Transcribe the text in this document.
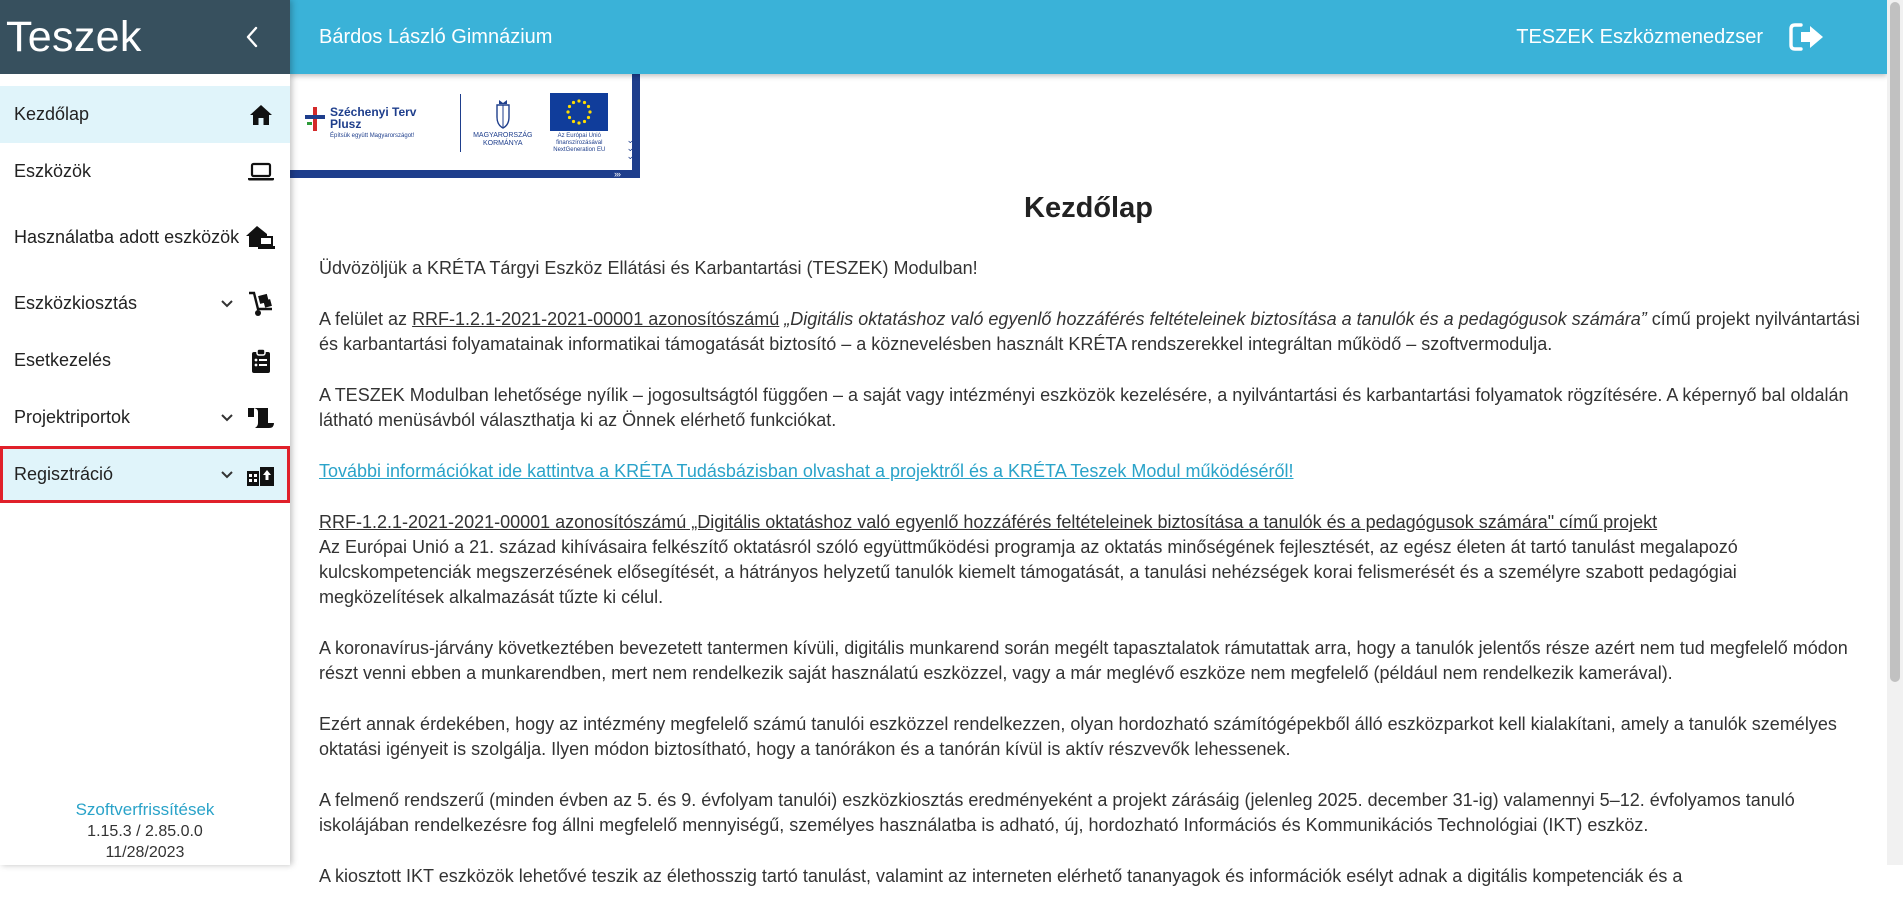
Teszek
Kezdőlap
Eszközök
Használatba adott eszközök
Eszközkiosztás
Esetkezelés
Projektriportok
Regisztráció
Szoftverfrissítések
1.15.3 / 2.85.0.0
11/28/2023
Bárdos László Gimnázium	TESZEK Eszközmenedzser
Széchenyi Terv Plusz
Építsük együtt Magyarországot!	MAGYARORSZÁG KORMÁNYA
Az Európai Unió finanszírozásával NextGeneration EU
⌄
⌄
⌄
›››
Kezdőlap

Üdvözöljük a KRÉTA Tárgyi Eszköz Ellátási és Karbantartási (TESZEK) Modulban!

A felület az RRF-1.2.1-2021-2021-00001 azonosítószámú „Digitális oktatáshoz való egyenlő hozzáférés feltételeinek biztosítása a tanulók és a pedagógusok számára” című projekt nyilvántartási és karbantartási folyamatainak informatikai támogatását biztosító – a köznevelésben használt KRÉTA rendszerekkel integráltan működő – szoftvermodulja.

A TESZEK Modulban lehetősége nyílik – jogosultságtól függően – a saját vagy intézményi eszközök kezelésére, a nyilvántartási és karbantartási folyamatok rögzítésére. A képernyő bal oldalán látható menüsávból választhatja ki az Önnek elérhető funkciókat.

További információkat ide kattintva a KRÉTA Tudásbázisban olvashat a projektről és a KRÉTA Teszek Modul működéséről!

RRF-1.2.1-2021-2021-00001 azonosítószámú „Digitális oktatáshoz való egyenlő hozzáférés feltételeinek biztosítása a tanulók és a pedagógusok számára" című projekt
Az Európai Unió a 21. század kihívásaira felkészítő oktatásról szóló együttműködési programja az oktatás minőségének fejlesztését, az egész életen át tartó tanulást megalapozó kulcskompetenciák megszerzésének elősegítését, a hátrányos helyzetű tanulók kiemelt támogatását, a tanulási nehézségek korai felismerését és a személyre szabott pedagógiai megközelítések alkalmazását tűzte ki célul.

A koronavírus-járvány következtében bevezetett tantermen kívüli, digitális munkarend során megélt tapasztalatok rámutattak arra, hogy a tanulók jelentős része azért nem tud megfelelő módon részt venni ebben a munkarendben, mert nem rendelkezik saját használatú eszközzel, vagy a már meglévő eszköze nem megfelelő (például nem rendelkezik kamerával).

Ezért annak érdekében, hogy az intézmény megfelelő számú tanulói eszközzel rendelkezzen, olyan hordozható számítógépekből álló eszközparkot kell kialakítani, amely a tanulók személyes oktatási igényeit is szolgálja. Ilyen módon biztosítható, hogy a tanórákon és a tanórán kívül is aktív részvevők lehessenek.

A felmenő rendszerű (minden évben az 5. és 9. évfolyam tanulói) eszközkiosztás eredményeként a projekt zárásáig (jelenleg 2025. december 31-ig) valamennyi 5–12. évfolyamos tanuló iskolájában rendelkezésre fog állni megfelelő mennyiségű, személyes használatba is adható, új, hordozható Információs és Kommunikációs Technológiai (IKT) eszköz.

A kiosztott IKT eszközök lehetővé teszik az élethosszig tartó tanulást, valamint az interneten elérhető tananyagok és információk esélyt adnak a digitális kompetenciák és a
